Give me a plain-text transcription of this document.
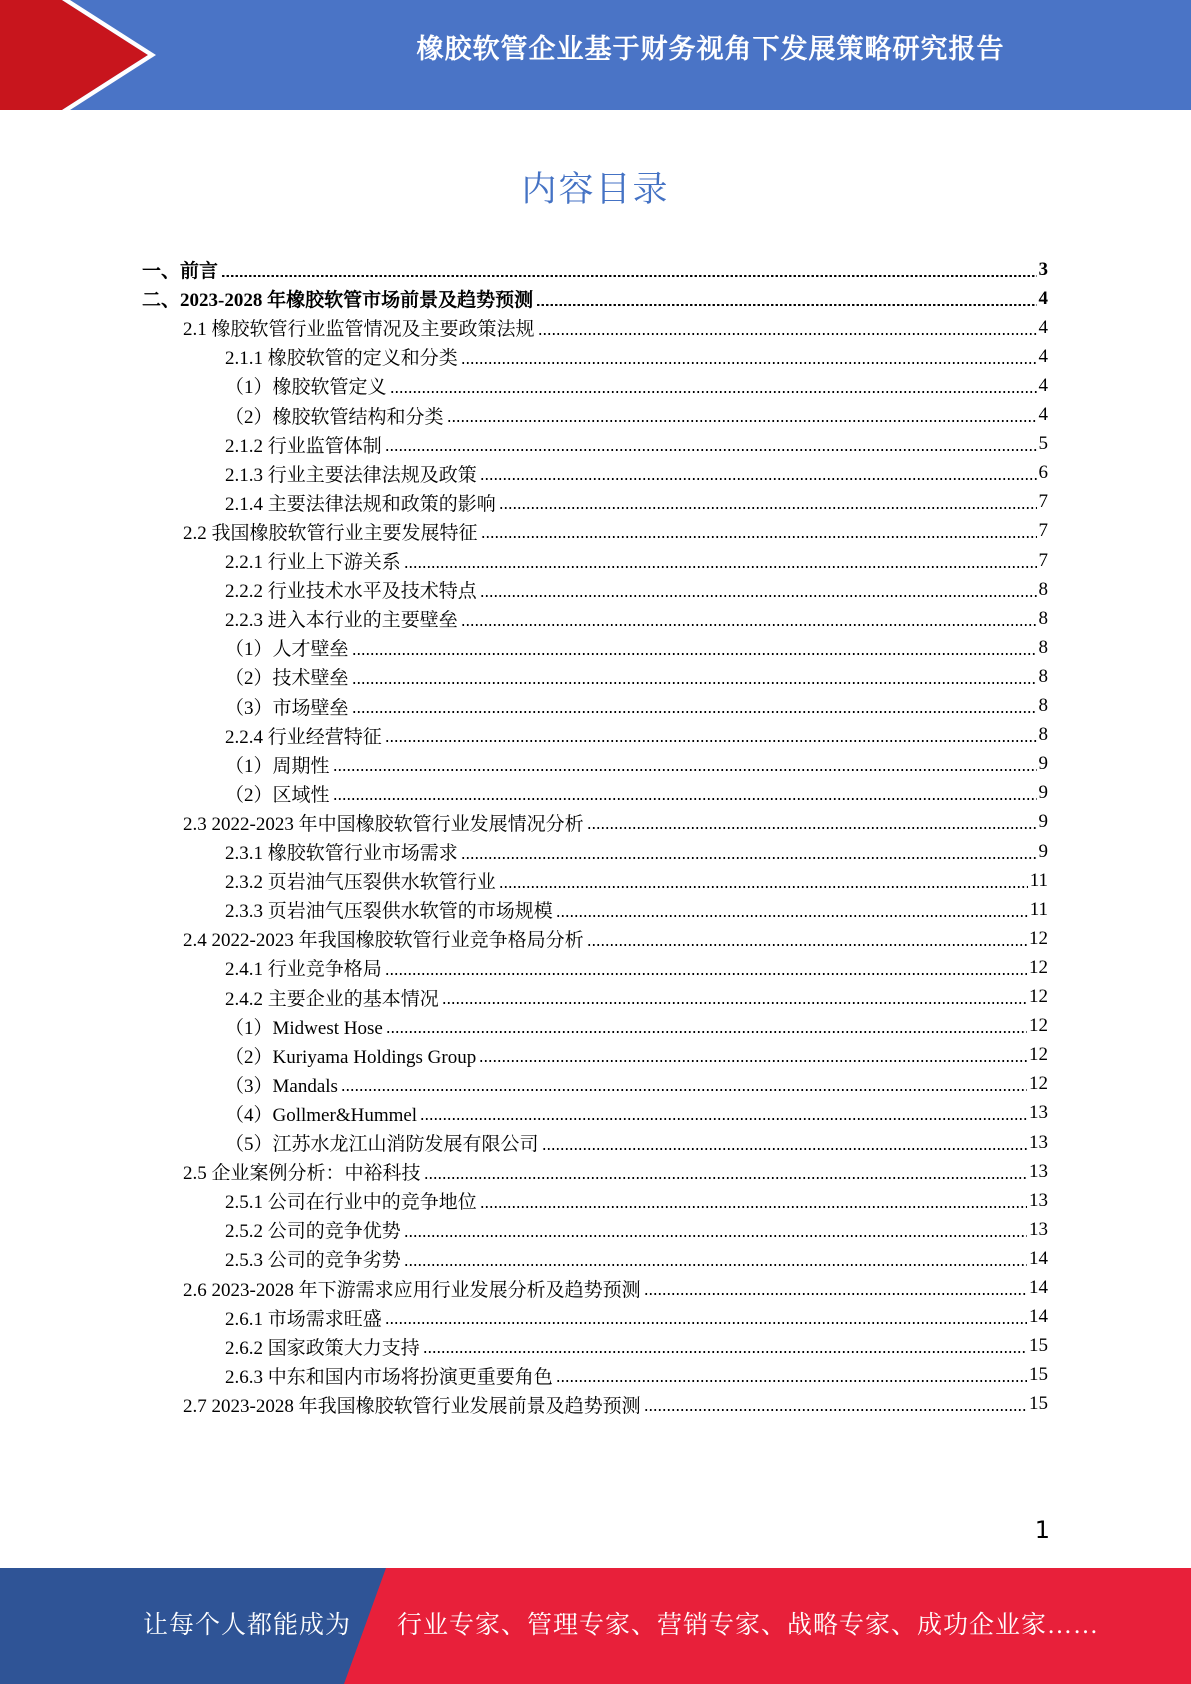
橡胶软管企业基于财务视角下发展策略研究报告
内容目录
一、前言	3
二、2023-2028 年橡胶软管市场前景及趋势预测	4
2.1 橡胶软管行业监管情况及主要政策法规	4
2.1.1 橡胶软管的定义和分类	4
（1）橡胶软管定义	4
（2）橡胶软管结构和分类	4
2.1.2 行业监管体制	5
2.1.3 行业主要法律法规及政策	6
2.1.4 主要法律法规和政策的影响	7
2.2 我国橡胶软管行业主要发展特征	7
2.2.1 行业上下游关系	7
2.2.2 行业技术水平及技术特点	8
2.2.3 进入本行业的主要壁垒	8
（1）人才壁垒	8
（2）技术壁垒	8
（3）市场壁垒	8
2.2.4 行业经营特征	8
（1）周期性	9
（2）区域性	9
2.3 2022-2023 年中国橡胶软管行业发展情况分析	9
2.3.1 橡胶软管行业市场需求	9
2.3.2 页岩油气压裂供水软管行业	11
2.3.3 页岩油气压裂供水软管的市场规模	11
2.4 2022-2023 年我国橡胶软管行业竞争格局分析	12
2.4.1 行业竞争格局	12
2.4.2 主要企业的基本情况	12
（1）Midwest Hose	12
（2）Kuriyama Holdings Group	12
（3）Mandals	12
（4）Gollmer&Hummel	13
（5）江苏水龙江山消防发展有限公司	13
2.5 企业案例分析：中裕科技	13
2.5.1 公司在行业中的竞争地位	13
2.5.2 公司的竞争优势	13
2.5.3 公司的竞争劣势	14
2.6 2023-2028 年下游需求应用行业发展分析及趋势预测	14
2.6.1 市场需求旺盛	14
2.6.2 国家政策大力支持	15
2.6.3 中东和国内市场将扮演更重要角色	15
2.7 2023-2028 年我国橡胶软管行业发展前景及趋势预测	15
1
让每个人都能成为 行业专家、管理专家、营销专家、战略专家、成功企业家……
